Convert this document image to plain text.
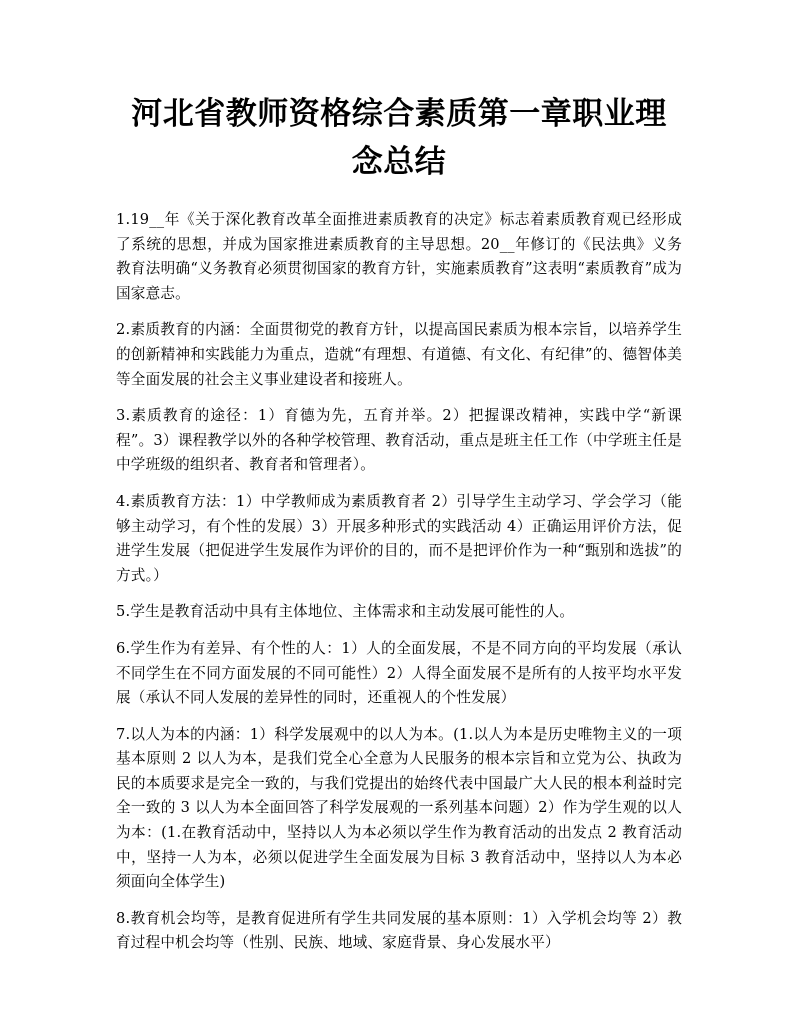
河北省教师资格综合素质第一章职业理念总结

1.19__年《关于深化教育改革全面推进素质教育的决定》标志着素质教育观已经形成了系统的思想，并成为国家推进素质教育的主导思想。20__年修订的《民法典》义务教育法明确“义务教育必须贯彻国家的教育方针，实施素质教育”这表明“素质教育”成为国家意志。

2.素质教育的内涵：全面贯彻党的教育方针，以提高国民素质为根本宗旨，以培养学生的创新精神和实践能力为重点，造就“有理想、有道德、有文化、有纪律”的、德智体美等全面发展的社会主义事业建设者和接班人。

3.素质教育的途径：1）育德为先，五育并举。2）把握课改精神，实践中学“新课程”。3）课程教学以外的各种学校管理、教育活动，重点是班主任工作（中学班主任是中学班级的组织者、教育者和管理者）。

4.素质教育方法：1）中学教师成为素质教育者 2）引导学生主动学习、学会学习（能够主动学习，有个性的发展）3）开展多种形式的实践活动 4）正确运用评价方法，促进学生发展（把促进学生发展作为评价的目的，而不是把评价作为一种“甄别和选拔”的方式。）

5.学生是教育活动中具有主体地位、主体需求和主动发展可能性的人。

6.学生作为有差异、有个性的人：1）人的全面发展，不是不同方向的平均发展（承认不同学生在不同方面发展的不同可能性）2）人得全面发展不是所有的人按平均水平发展（承认不同人发展的差异性的同时，还重视人的个性发展）

7.以人为本的内涵：1）科学发展观中的以人为本。(1.以人为本是历史唯物主义的一项基本原则 2 以人为本，是我们党全心全意为人民服务的根本宗旨和立党为公、执政为民的本质要求是完全一致的，与我们党提出的始终代表中国最广大人民的根本利益时完全一致的 3 以人为本全面回答了科学发展观的一系列基本问题）2）作为学生观的以人为本：(1.在教育活动中，坚持以人为本必须以学生作为教育活动的出发点 2 教育活动中，坚持一人为本，必须以促进学生全面发展为目标 3 教育活动中，坚持以人为本必须面向全体学生)

8.教育机会均等，是教育促进所有学生共同发展的基本原则：1）入学机会均等 2）教育过程中机会均等（性别、民族、地域、家庭背景、身心发展水平）
